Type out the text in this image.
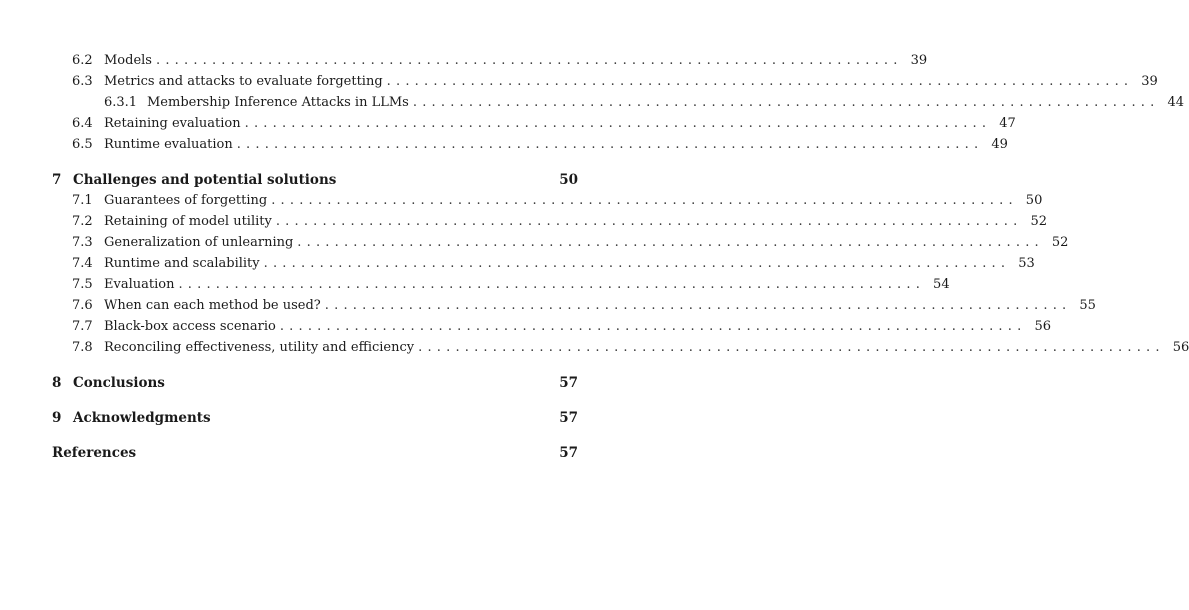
6.2 Models ................................................................................ 39
6.3 Metrics and attacks to evaluate forgetting ................................................................................ 39
6.3.1 Membership Inference Attacks in LLMs ................................................................................ 44
6.4 Retaining evaluation ................................................................................ 47
6.5 Runtime evaluation ................................................................................ 49
7 Challenges and potential solutions	50
7.1 Guarantees of forgetting ................................................................................ 50
7.2 Retaining of model utility ................................................................................ 52
7.3 Generalization of unlearning ................................................................................ 52
7.4 Runtime and scalability ................................................................................ 53
7.5 Evaluation ................................................................................ 54
7.6 When can each method be used? ................................................................................ 55
7.7 Black-box access scenario ................................................................................ 56
7.8 Reconciling effectiveness, utility and efficiency ................................................................................ 56
8 Conclusions	57
9 Acknowledgments	57
References	57
